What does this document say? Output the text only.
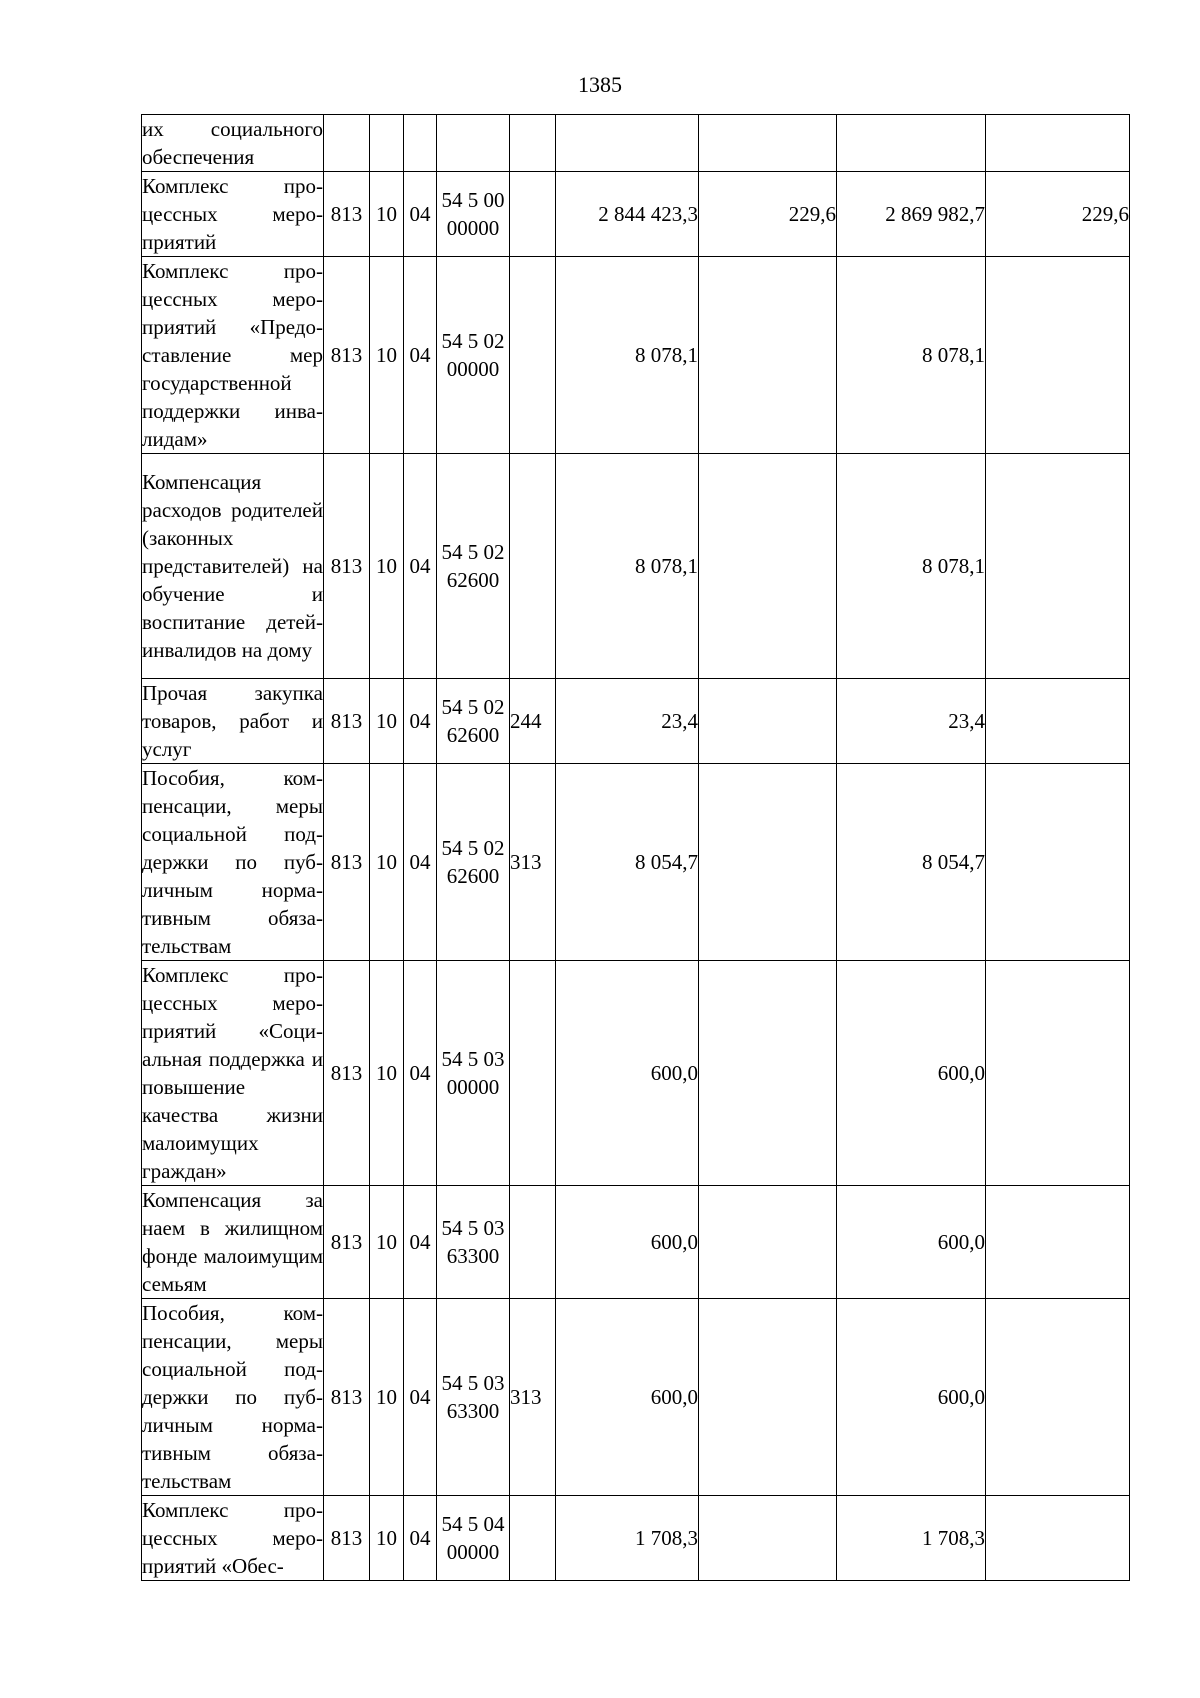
1385
их социального обеспечения									
Комплекс процессных мероприятий	813	10	04	54 5 00 00000		2 844 423,3	229,6	2 869 982,7	229,6
Комплекс процессных мероприятий «Предоставление мер государственной поддержки инвалидам»	813	10	04	54 5 02 00000		8 078,1		8 078,1	
Компенсация расходов родителей (законных представителей) на обучение и воспитание детей-инвалидов на дому	813	10	04	54 5 02 62600		8 078,1		8 078,1	
Прочая закупка товаров, работ и услуг	813	10	04	54 5 02 62600	244	23,4		23,4	
Пособия, компенсации, меры социальной поддержки по публичным нормативным обязательствам	813	10	04	54 5 02 62600	313	8 054,7		8 054,7	
Комплекс процессных мероприятий «Социальная поддержка и повышение качества жизни малоимущих граждан»	813	10	04	54 5 03 00000		600,0		600,0	
Компенсация за наем в жилищном фонде малоимущим семьям	813	10	04	54 5 03 63300		600,0		600,0	
Пособия, компенсации, меры социальной поддержки по публичным нормативным обязательствам	813	10	04	54 5 03 63300	313	600,0		600,0	
Комплекс процессных мероприятий «Обес-	813	10	04	54 5 04 00000		1 708,3		1 708,3	
